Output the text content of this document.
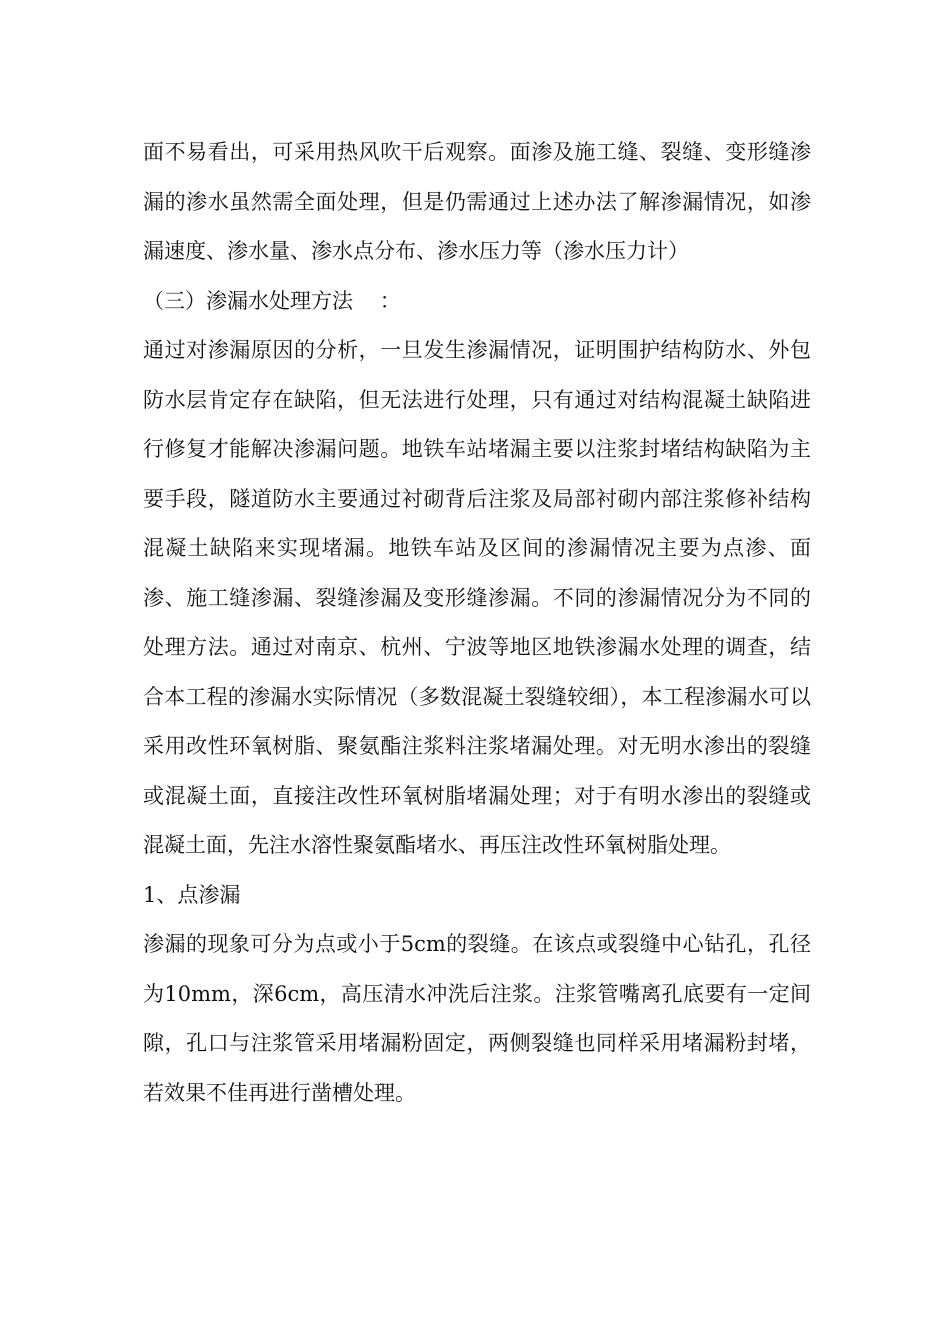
面不易看出，可采用热风吹干后观察。面渗及施工缝、裂缝、变形缝渗漏的渗水虽然需全面处理，但是仍需通过上述办法了解渗漏情况，如渗漏速度、渗水量、渗水点分布、渗水压力等（渗水压力计）

（三）渗漏水处理方法    ：

通过对渗漏原因的分析，一旦发生渗漏情况，证明围护结构防水、外包防水层肯定存在缺陷，但无法进行处理，只有通过对结构混凝土缺陷进行修复才能解决渗漏问题。地铁车站堵漏主要以注浆封堵结构缺陷为主要手段，隧道防水主要通过衬砌背后注浆及局部衬砌内部注浆修补结构混凝土缺陷来实现堵漏。地铁车站及区间的渗漏情况主要为点渗、面渗、施工缝渗漏、裂缝渗漏及变形缝渗漏。不同的渗漏情况分为不同的处理方法。通过对南京、杭州、宁波等地区地铁渗漏水处理的调查，结合本工程的渗漏水实际情况（多数混凝土裂缝较细），本工程渗漏水可以采用改性环氧树脂、聚氨酯注浆料注浆堵漏处理。对无明水渗出的裂缝或混凝土面，直接注改性环氧树脂堵漏处理；对于有明水渗出的裂缝或混凝土面，先注水溶性聚氨酯堵水、再压注改性环氧树脂处理。

1、点渗漏

渗漏的现象可分为点或小于5cm的裂缝。在该点或裂缝中心钻孔，孔径为10mm，深6cm，高压清水冲洗后注浆。注浆管嘴离孔底要有一定间隙，孔口与注浆管采用堵漏粉固定，两侧裂缝也同样采用堵漏粉封堵，若效果不佳再进行凿槽处理。
